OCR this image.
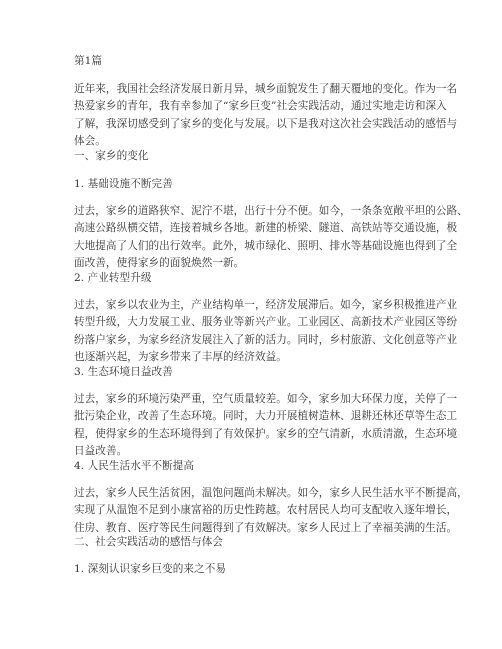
第1篇
近年来，我国社会经济发展日新月异，城乡面貌发生了翻天覆地的变化。作为一名
热爱家乡的青年，我有幸参加了“家乡巨变”社会实践活动，通过实地走访和深入
了解，我深切感受到了家乡的变化与发展。以下是我对这次社会实践活动的感悟与
体会。
一、家乡的变化
1. 基础设施不断完善
过去，家乡的道路狭窄、泥泞不堪，出行十分不便。如今，一条条宽敞平坦的公路、
高速公路纵横交错，连接着城乡各地。新建的桥梁、隧道、高铁站等交通设施，极
大地提高了人们的出行效率。此外，城市绿化、照明、排水等基础设施也得到了全
面改善，使得家乡的面貌焕然一新。
2. 产业转型升级
过去，家乡以农业为主，产业结构单一，经济发展滞后。如今，家乡积极推进产业
转型升级，大力发展工业、服务业等新兴产业。工业园区、高新技术产业园区等纷
纷落户家乡，为家乡经济发展注入了新的活力。同时，乡村旅游、文化创意等产业
也逐渐兴起，为家乡带来了丰厚的经济效益。
3. 生态环境日益改善
过去，家乡的环境污染严重，空气质量较差。如今，家乡加大环保力度，关停了一
批污染企业，改善了生态环境。同时，大力开展植树造林、退耕还林还草等生态工
程，使得家乡的生态环境得到了有效保护。家乡的空气清新，水质清澈，生态环境
日益改善。
4. 人民生活水平不断提高
过去，家乡人民生活贫困，温饱问题尚未解决。如今，家乡人民生活水平不断提高，
实现了从温饱不足到小康富裕的历史性跨越。农村居民人均可支配收入逐年增长，
住房、教育、医疗等民生问题得到了有效解决。家乡人民过上了幸福美满的生活。
二、社会实践活动的感悟与体会
1. 深刻认识家乡巨变的来之不易
